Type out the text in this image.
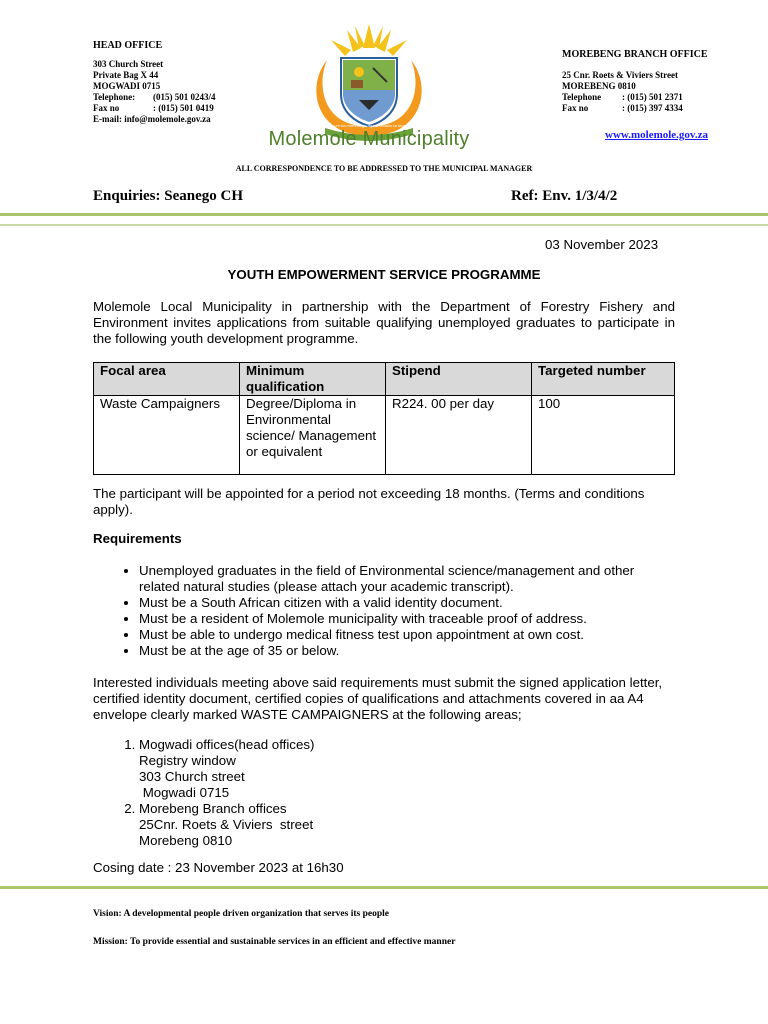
HEAD OFFICE
303 Church Street
Private Bag X 44
MOGWADI 0715
Telephone:	(015) 501 0243/4
Fax no	: (015) 501 0419
E-mail: info@molemole.gov.za
Molemole Municipality
Ensure ka mmoho, go aga setshaba sa borena
MOREBENG BRANCH OFFICE
25 Cnr. Roets & Viviers Street
MOREBENG 0810
Telephone	: (015) 501 2371
Fax no	: (015) 397 4334
www.molemole.gov.za
ALL CORRESPONDENCE TO BE ADDRESSED TO THE MUNICIPAL MANAGER
Enquiries: Seanego CH	Ref: Env. 1/3/4/2
03 November 2023
YOUTH EMPOWERMENT SERVICE PROGRAMME
Molemole Local Municipality in partnership with the Department of Forestry Fishery and Environment invites applications from suitable qualifying unemployed graduates to participate in the following youth development programme.
Focal area	Minimum qualification	Stipend	Targeted number
Waste Campaigners	Degree/Diploma in Environmental science/ Management or equivalent	R224. 00 per day	100
The participant will be appointed for a period not exceeding 18 months. (Terms and conditions apply).
Requirements
• Unemployed graduates in the field of Environmental science/management and other related natural studies (please attach your academic transcript).
• Must be a South African citizen with a valid identity document.
• Must be a resident of Molemole municipality with traceable proof of address.
• Must be able to undergo medical fitness test upon appointment at own cost.
• Must be at the age of 35 or below.
Interested individuals meeting above said requirements must submit the signed application letter, certified identity document, certified copies of qualifications and attachments covered in aa A4 envelope clearly marked WASTE CAMPAIGNERS at the following areas;
1. Mogwadi offices(head offices)
Registry window
303 Church street
Mogwadi 0715
2. Morebeng Branch offices
25Cnr. Roets & Viviers  street
Morebeng 0810
Cosing date : 23 November 2023 at 16h30
Vision: A developmental people driven organization that serves its people
Mission: To provide essential and sustainable services in an efficient and effective manner
